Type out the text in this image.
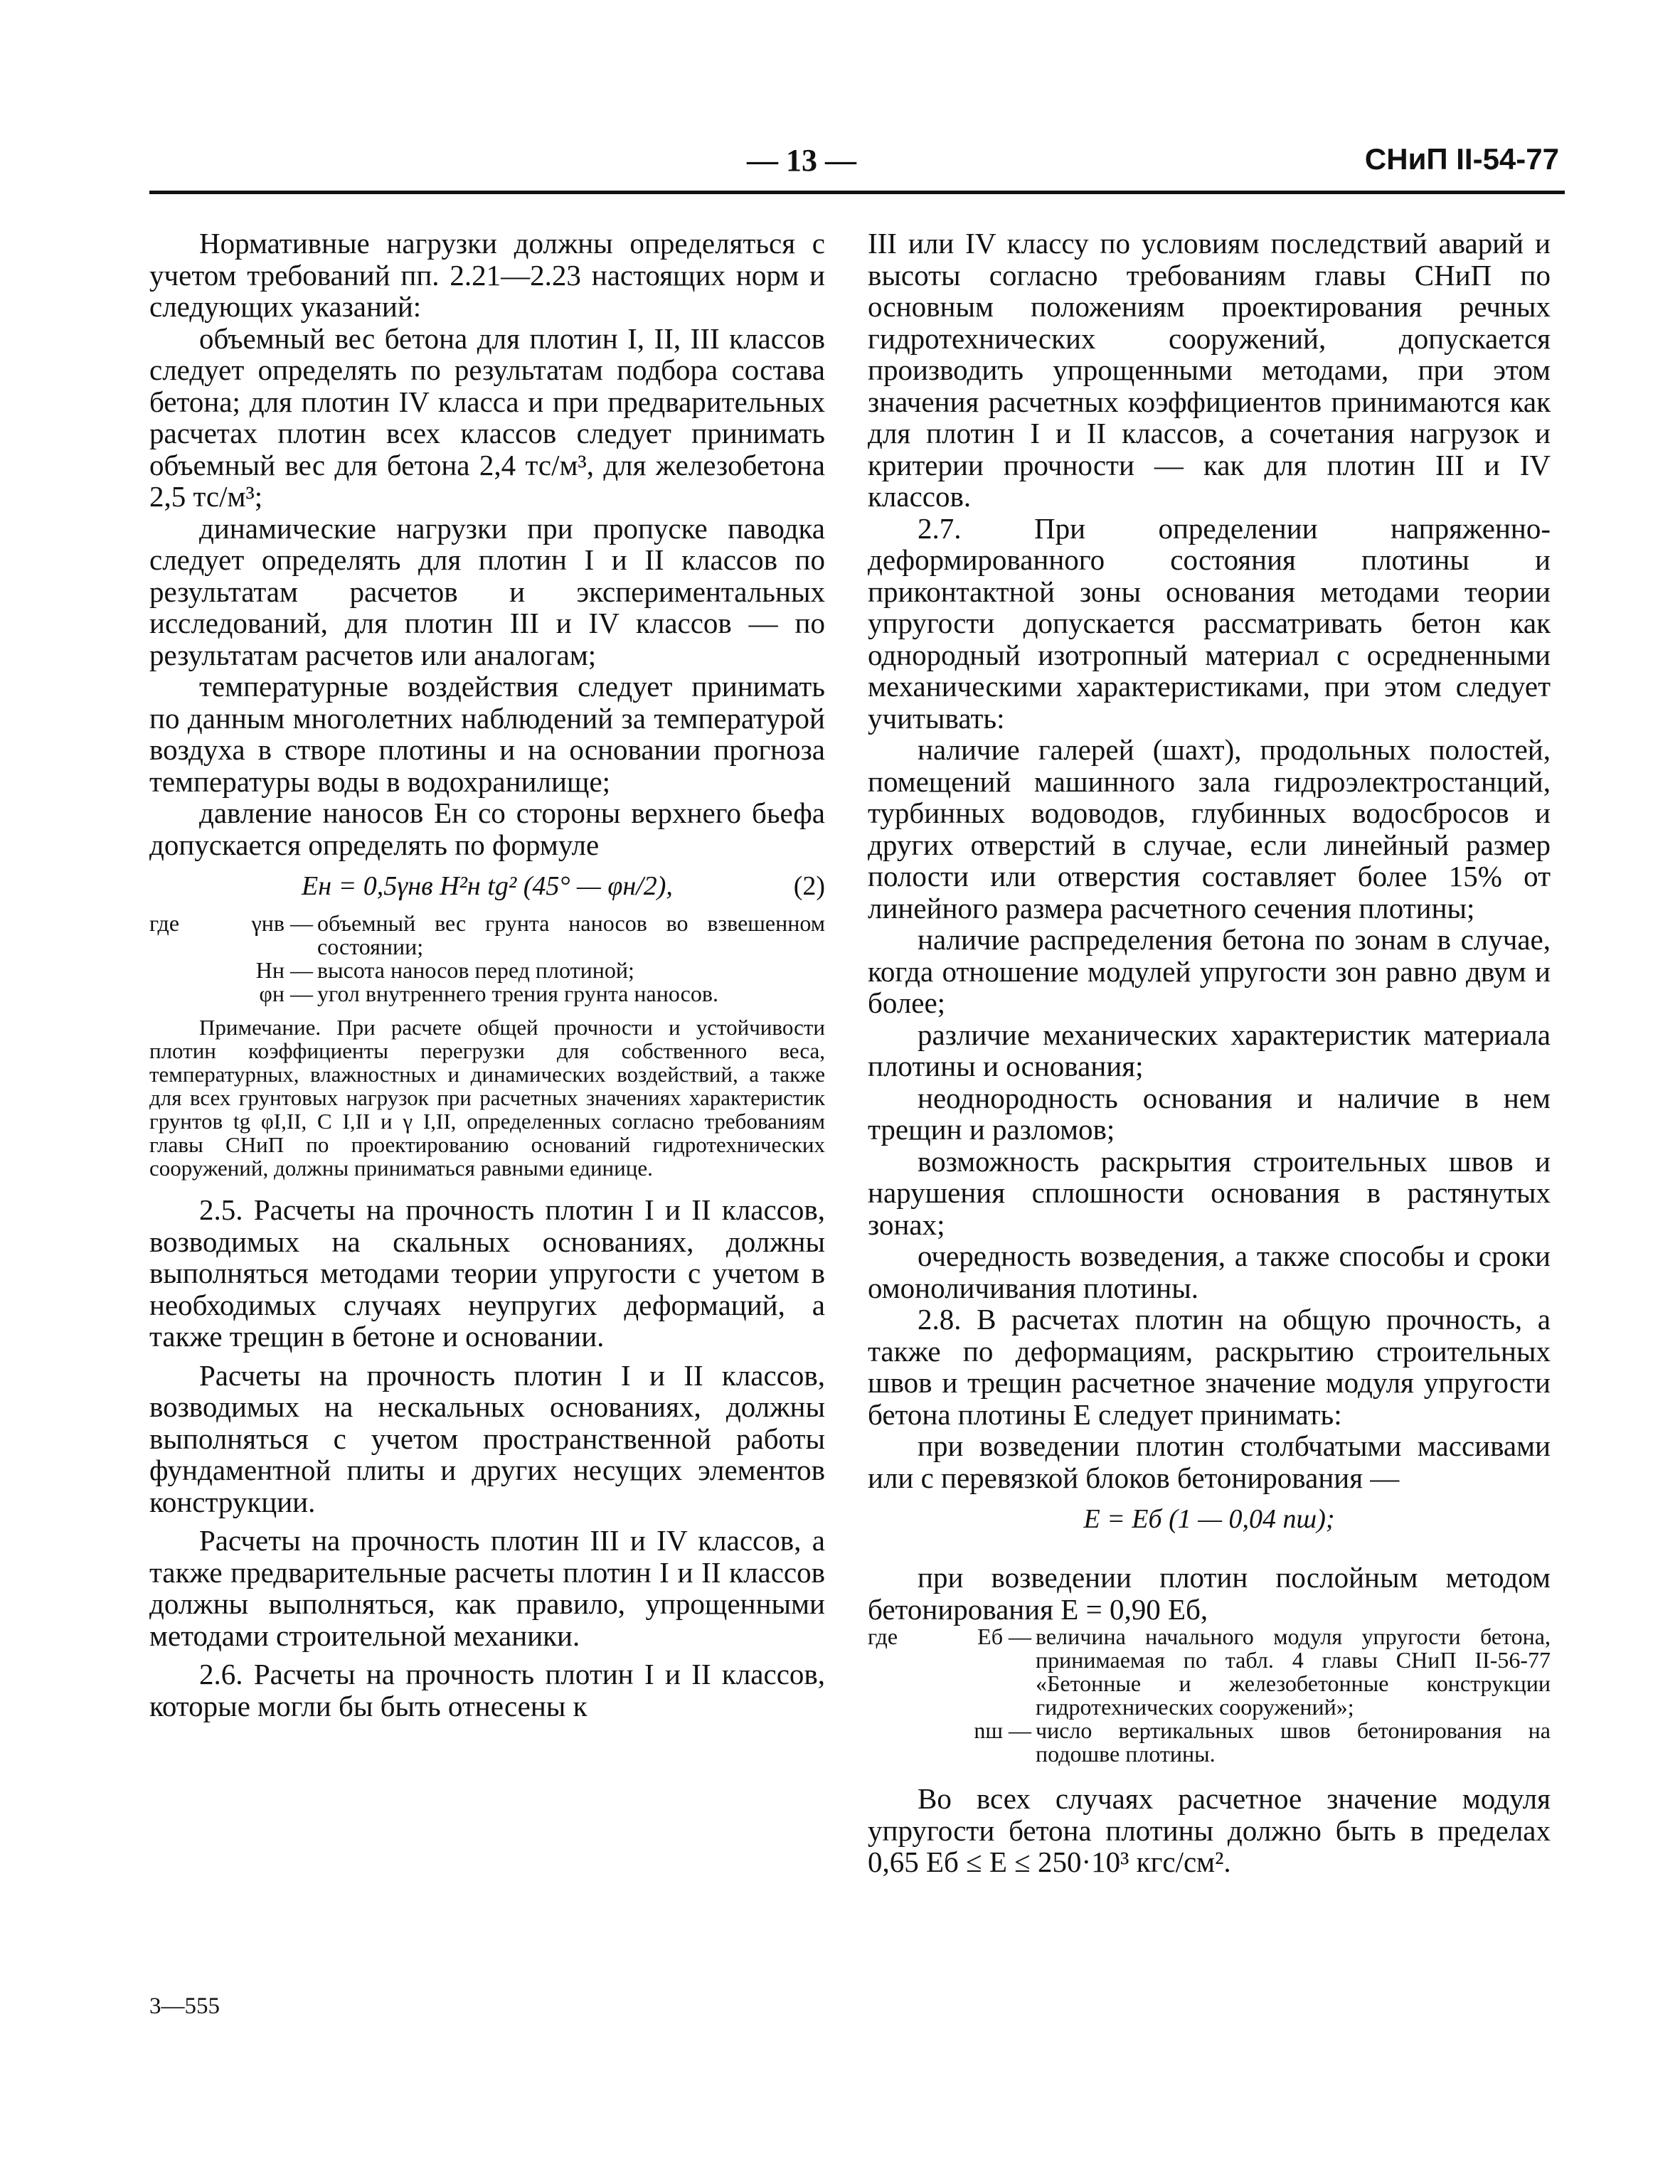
— 13 —	СНиП II-54-77

Нормативные нагрузки должны определяться с учетом требований пп. 2.21—2.23 настоящих норм и следующих указаний:

объемный вес бетона для плотин I, II, III классов следует определять по результатам подбора состава бетона; для плотин IV класса и при предварительных расчетах плотин всех классов следует принимать объемный вес для бетона 2,4 тс/м³, для железобетона 2,5 тс/м³;

динамические нагрузки при пропуске паводка следует определять для плотин I и II классов по результатам расчетов и экспериментальных исследований, для плотин III и IV классов — по результатам расчетов или аналогам;

температурные воздействия следует принимать по данным многолетних наблюдений за температурой воздуха в створе плотины и на основании прогноза температуры воды в водохранилище;

давление наносов Eн со стороны верхнего бьефа допускается определять по формуле

Eн = 0,5γнв H²н tg² (45° — φн/2),	(2)
где	γнв — объемный вес грунта наносов во взвешенном состоянии;
Hн — высота наносов перед плотиной;
φн — угол внутреннего трения грунта наносов.
Примечание. При расчете общей прочности и устойчивости плотин коэффициенты перегрузки для собственного веса, температурных, влажностных и динамических воздействий, а также для всех грунтовых нагрузок при расчетных значениях характеристик грунтов tg φI,II, C I,II и γ I,II, определенных согласно требованиям главы СНиП по проектированию оснований гидротехнических сооружений, должны приниматься равными единице.

2.5. Расчеты на прочность плотин I и II классов, возводимых на скальных основаниях, должны выполняться методами теории упругости с учетом в необходимых случаях неупругих деформаций, а также трещин в бетоне и основании.

Расчеты на прочность плотин I и II классов, возводимых на нескальных основаниях, должны выполняться с учетом пространственной работы фундаментной плиты и других несущих элементов конструкции.

Расчеты на прочность плотин III и IV классов, а также предварительные расчеты плотин I и II классов должны выполняться, как правило, упрощенными методами строительной механики.

2.6. Расчеты на прочность плотин I и II классов, которые могли бы быть отнесены к

III или IV классу по условиям последствий аварий и высоты согласно требованиям главы СНиП по основным положениям проектирования речных гидротехнических сооружений, допускается производить упрощенными методами, при этом значения расчетных коэффициентов принимаются как для плотин I и II классов, а сочетания нагрузок и критерии прочности — как для плотин III и IV классов.

2.7. При определении напряженно-деформированного состояния плотины и приконтактной зоны основания методами теории упругости допускается рассматривать бетон как однородный изотропный материал с осредненными механическими характеристиками, при этом следует учитывать:

наличие галерей (шахт), продольных полостей, помещений машинного зала гидроэлектростанций, турбинных водоводов, глубинных водосбросов и других отверстий в случае, если линейный размер полости или отверстия составляет более 15% от линейного размера расчетного сечения плотины;

наличие распределения бетона по зонам в случае, когда отношение модулей упругости зон равно двум и более;

различие механических характеристик материала плотины и основания;

неоднородность основания и наличие в нем трещин и разломов;

возможность раскрытия строительных швов и нарушения сплошности основания в растянутых зонах;

очередность возведения, а также способы и сроки омоноличивания плотины.

2.8. В расчетах плотин на общую прочность, а также по деформациям, раскрытию строительных швов и трещин расчетное значение модуля упругости бетона плотины E следует принимать:

при возведении плотин столбчатыми массивами или с перевязкой блоков бетонирования —

E = Eб (1 — 0,04 nш);

при возведении плотин послойным методом бетонирования E = 0,90 Eб,

где	Eб — величина начального модуля упругости бетона, принимаемая по табл. 4 главы СНиП II-56-77 «Бетонные и железобетонные конструкции гидротехнических сооружений»;
nш — число вертикальных швов бетонирования на подошве плотины.

Во всех случаях расчетное значение модуля упругости бетона плотины должно быть в пределах 0,65 Eб ≤ E ≤ 250·10³ кгс/см².

3—555
